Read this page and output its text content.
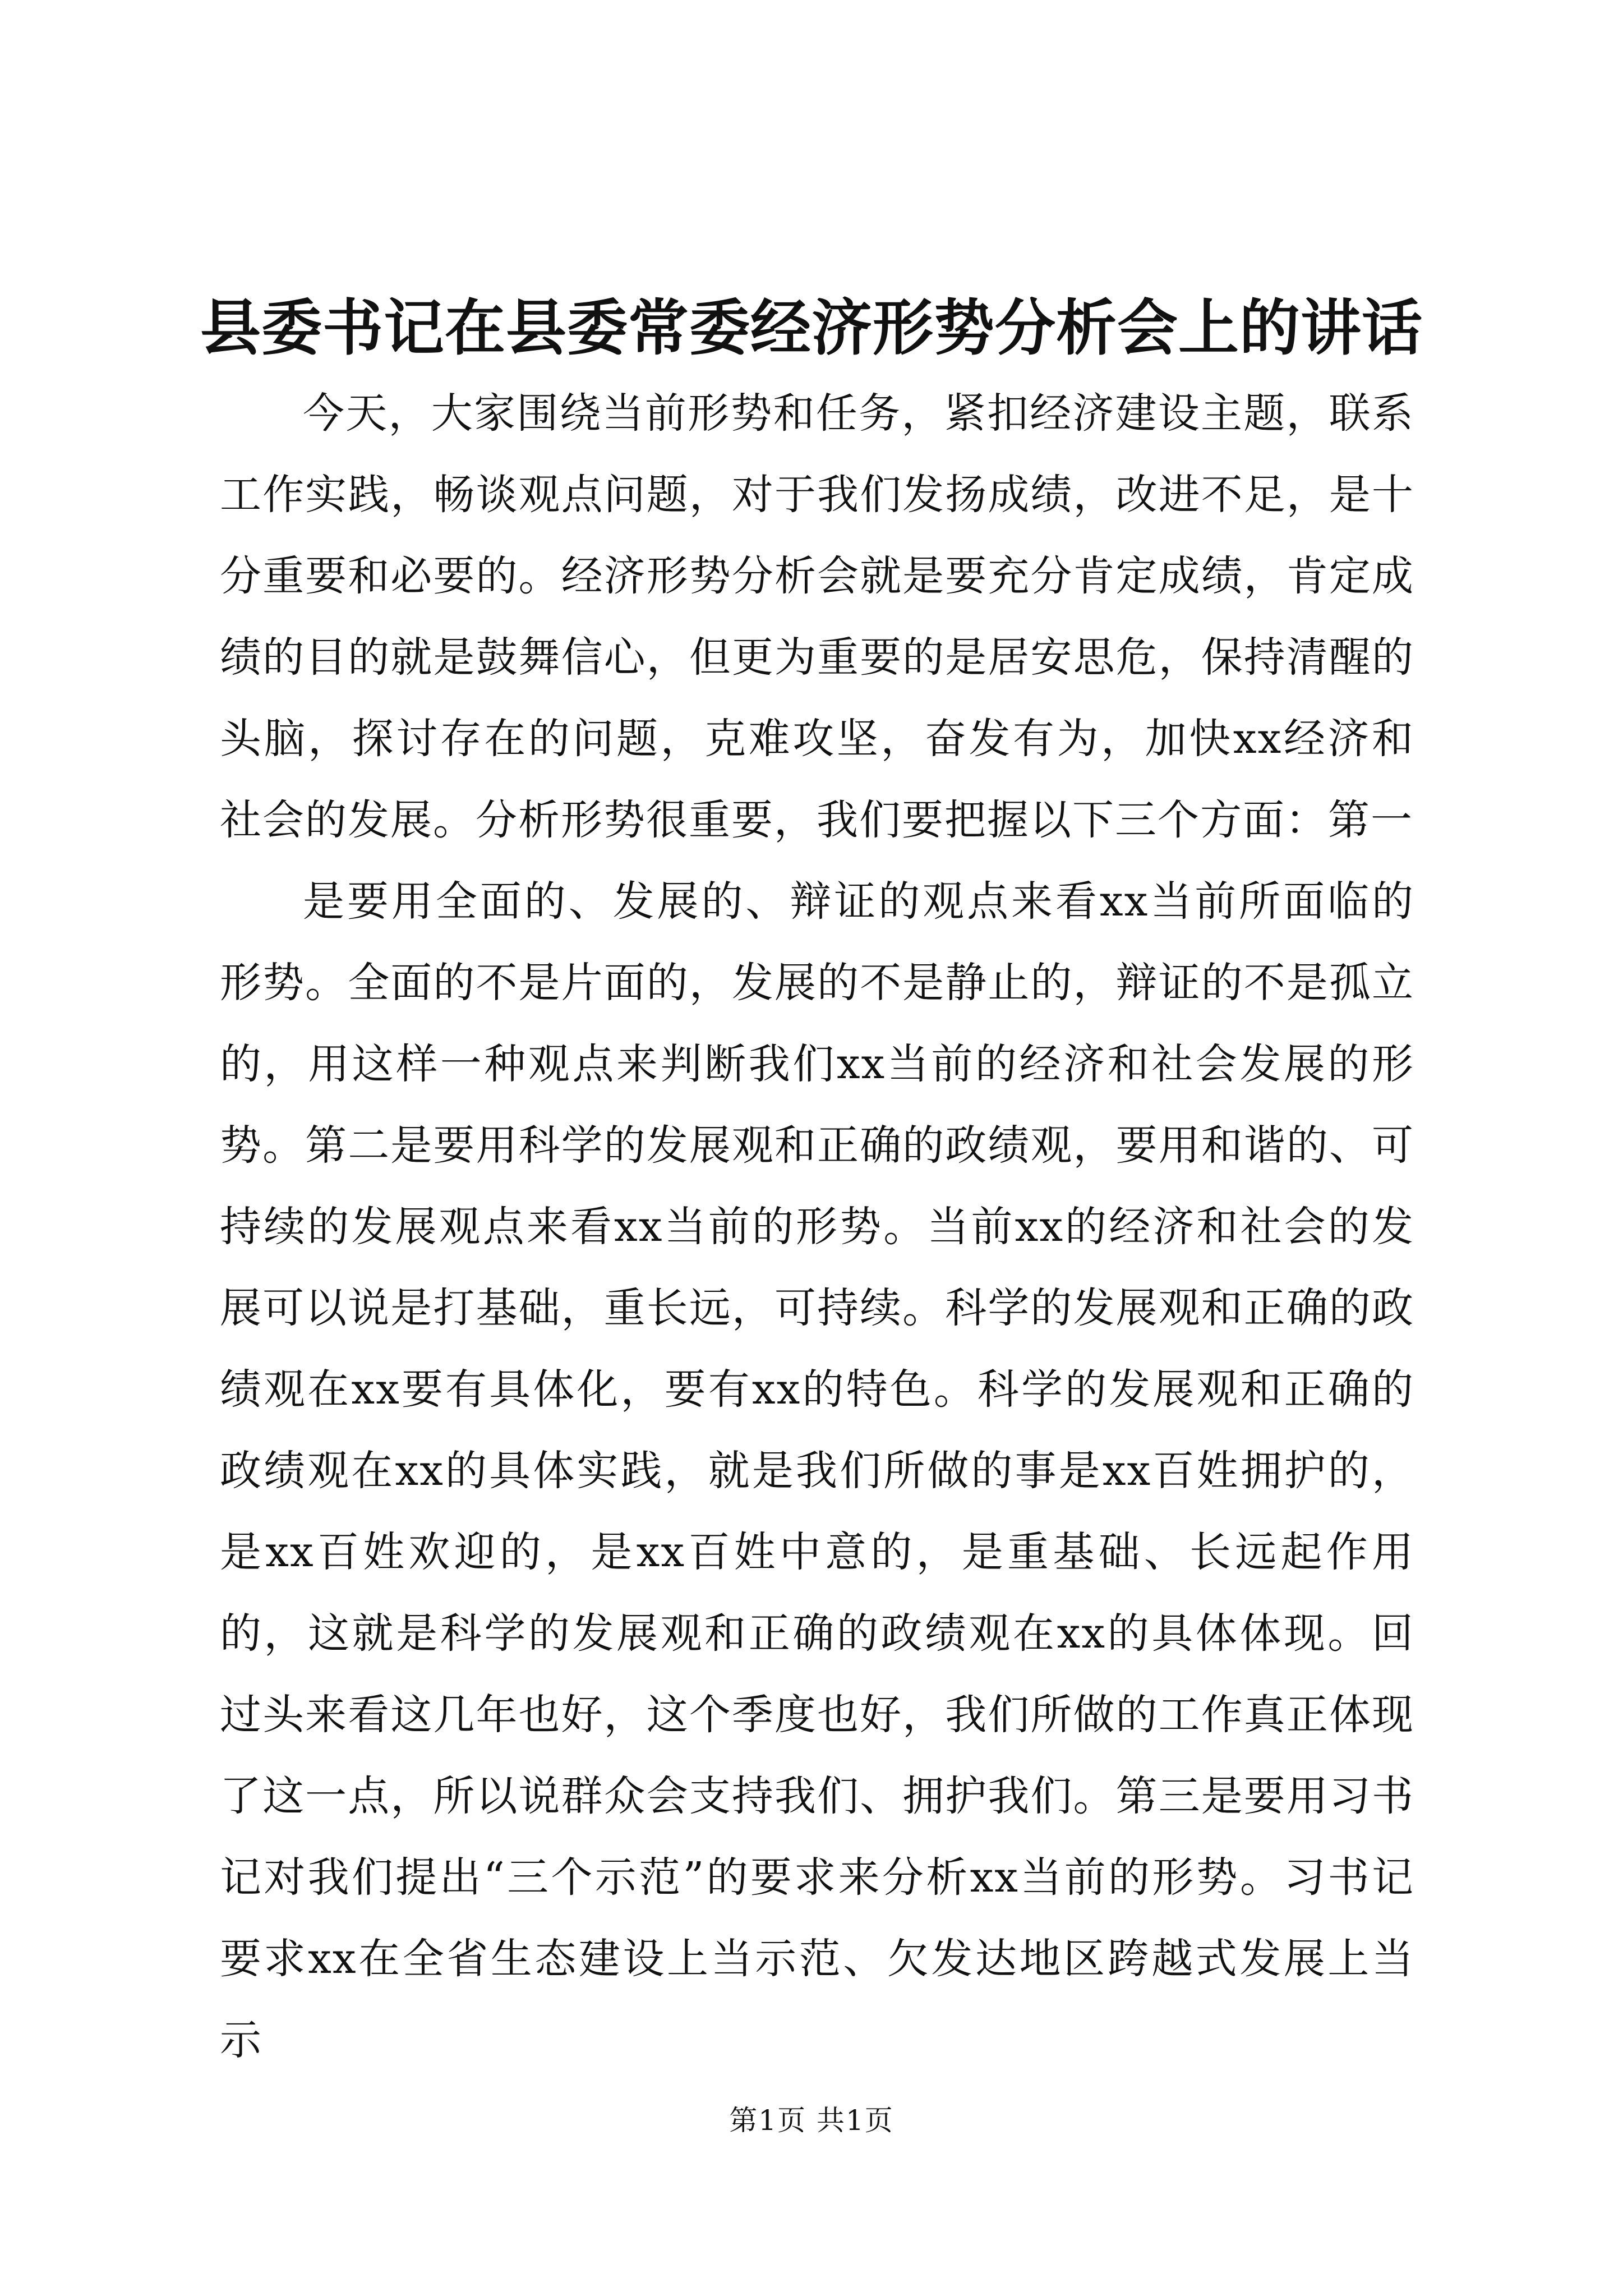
县委书记在县委常委经济形势分析会上的讲话

今天，大家围绕当前形势和任务，紧扣经济建设主题，联系工作实践，畅谈观点问题，对于我们发扬成绩，改进不足，是十分重要和必要的。经济形势分析会就是要充分肯定成绩，肯定成绩的目的就是鼓舞信心，但更为重要的是居安思危，保持清醒的头脑，探讨存在的问题，克难攻坚，奋发有为，加快xx经济和社会的发展。分析形势很重要，我们要把握以下三个方面：第一

是要用全面的、发展的、辩证的观点来看xx当前所面临的形势。全面的不是片面的，发展的不是静止的，辩证的不是孤立的，用这样一种观点来判断我们xx当前的经济和社会发展的形势。第二是要用科学的发展观和正确的政绩观，要用和谐的、可持续的发展观点来看xx当前的形势。当前xx的经济和社会的发展可以说是打基础，重长远，可持续。科学的发展观和正确的政绩观在xx要有具体化，要有xx的特色。科学的发展观和正确的政绩观在xx的具体实践，就是我们所做的事是xx百姓拥护的，是xx百姓欢迎的，是xx百姓中意的，是重基础、长远起作用的，这就是科学的发展观和正确的政绩观在xx的具体体现。回过头来看这几年也好，这个季度也好，我们所做的工作真正体现了这一点，所以说群众会支持我们、拥护我们。第三是要用习书记对我们提出“三个示范”的要求来分析xx当前的形势。习书记要求xx在全省生态建设上当示范、欠发达地区跨越式发展上当示

第1页 共1页
